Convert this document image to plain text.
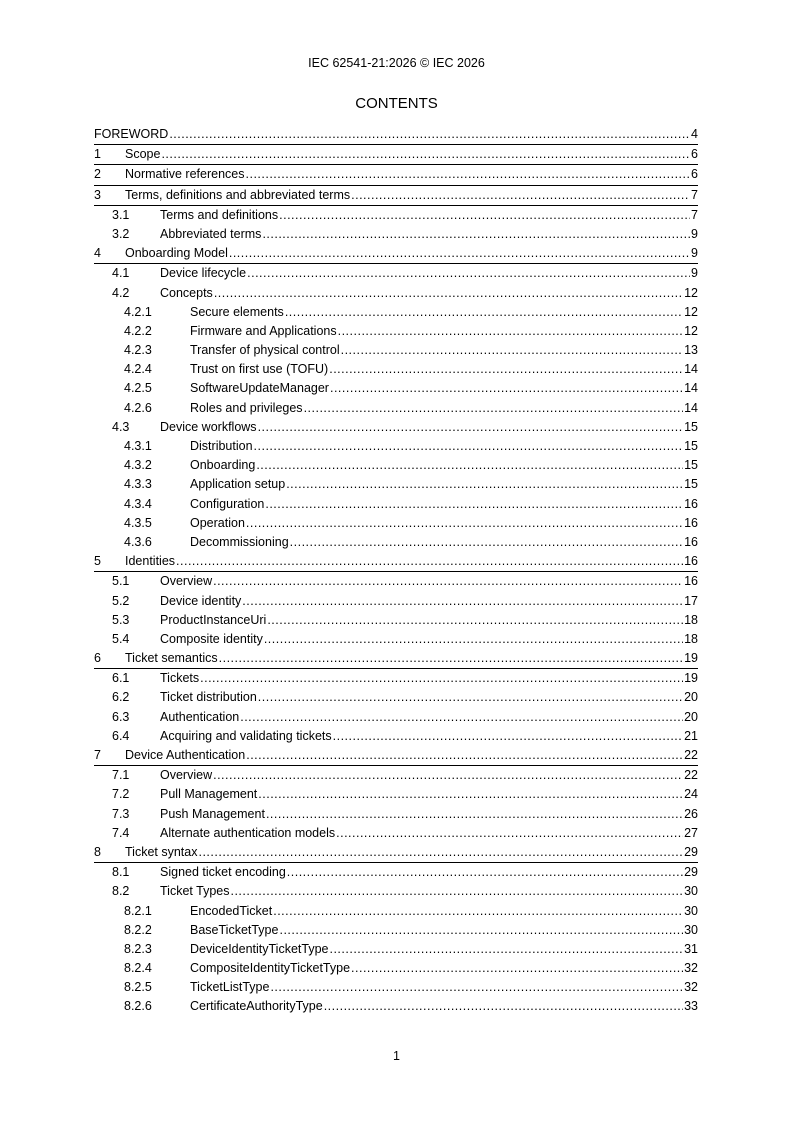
IEC 62541-21:2026 © IEC 2026
CONTENTS
FOREWORD .....	4
1 Scope .....	6
2 Normative references .....	6
3 Terms, definitions and abbreviated terms .....	7
3.1 Terms and definitions .....	7
3.2 Abbreviated terms .....	9
4 Onboarding Model .....	9
4.1 Device lifecycle .....	9
4.2 Concepts .....	12
4.2.1	Secure elements .....	12
4.2.2	Firmware and Applications .....	12
4.2.3	Transfer of physical control .....	13
4.2.4	Trust on first use (TOFU) .....	14
4.2.5	SoftwareUpdateManager .....	14
4.2.6	Roles and privileges .....	14
4.3 Device workflows .....	15
4.3.1	Distribution .....	15
4.3.2	Onboarding .....	15
4.3.3	Application setup .....	15
4.3.4	Configuration .....	16
4.3.5	Operation .....	16
4.3.6	Decommissioning .....	16
5 Identities .....	16
5.1 Overview .....	16
5.2 Device identity .....	17
5.3 ProductInstanceUri .....	18
5.4 Composite identity .....	18
6 Ticket semantics .....	19
6.1 Tickets .....	19
6.2 Ticket distribution .....	20
6.3 Authentication .....	20
6.4 Acquiring and validating tickets .....	21
7 Device Authentication .....	22
7.1 Overview .....	22
7.2 Pull Management .....	24
7.3 Push Management .....	26
7.4 Alternate authentication models .....	27
8 Ticket syntax .....	29
8.1 Signed ticket encoding .....	29
8.2 Ticket Types .....	30
8.2.1	EncodedTicket .....	30
8.2.2	BaseTicketType .....	30
8.2.3	DeviceIdentityTicketType .....	31
8.2.4	CompositeIdentityTicketType .....	32
8.2.5	TicketListType .....	32
8.2.6	CertificateAuthorityType .....	33
1
